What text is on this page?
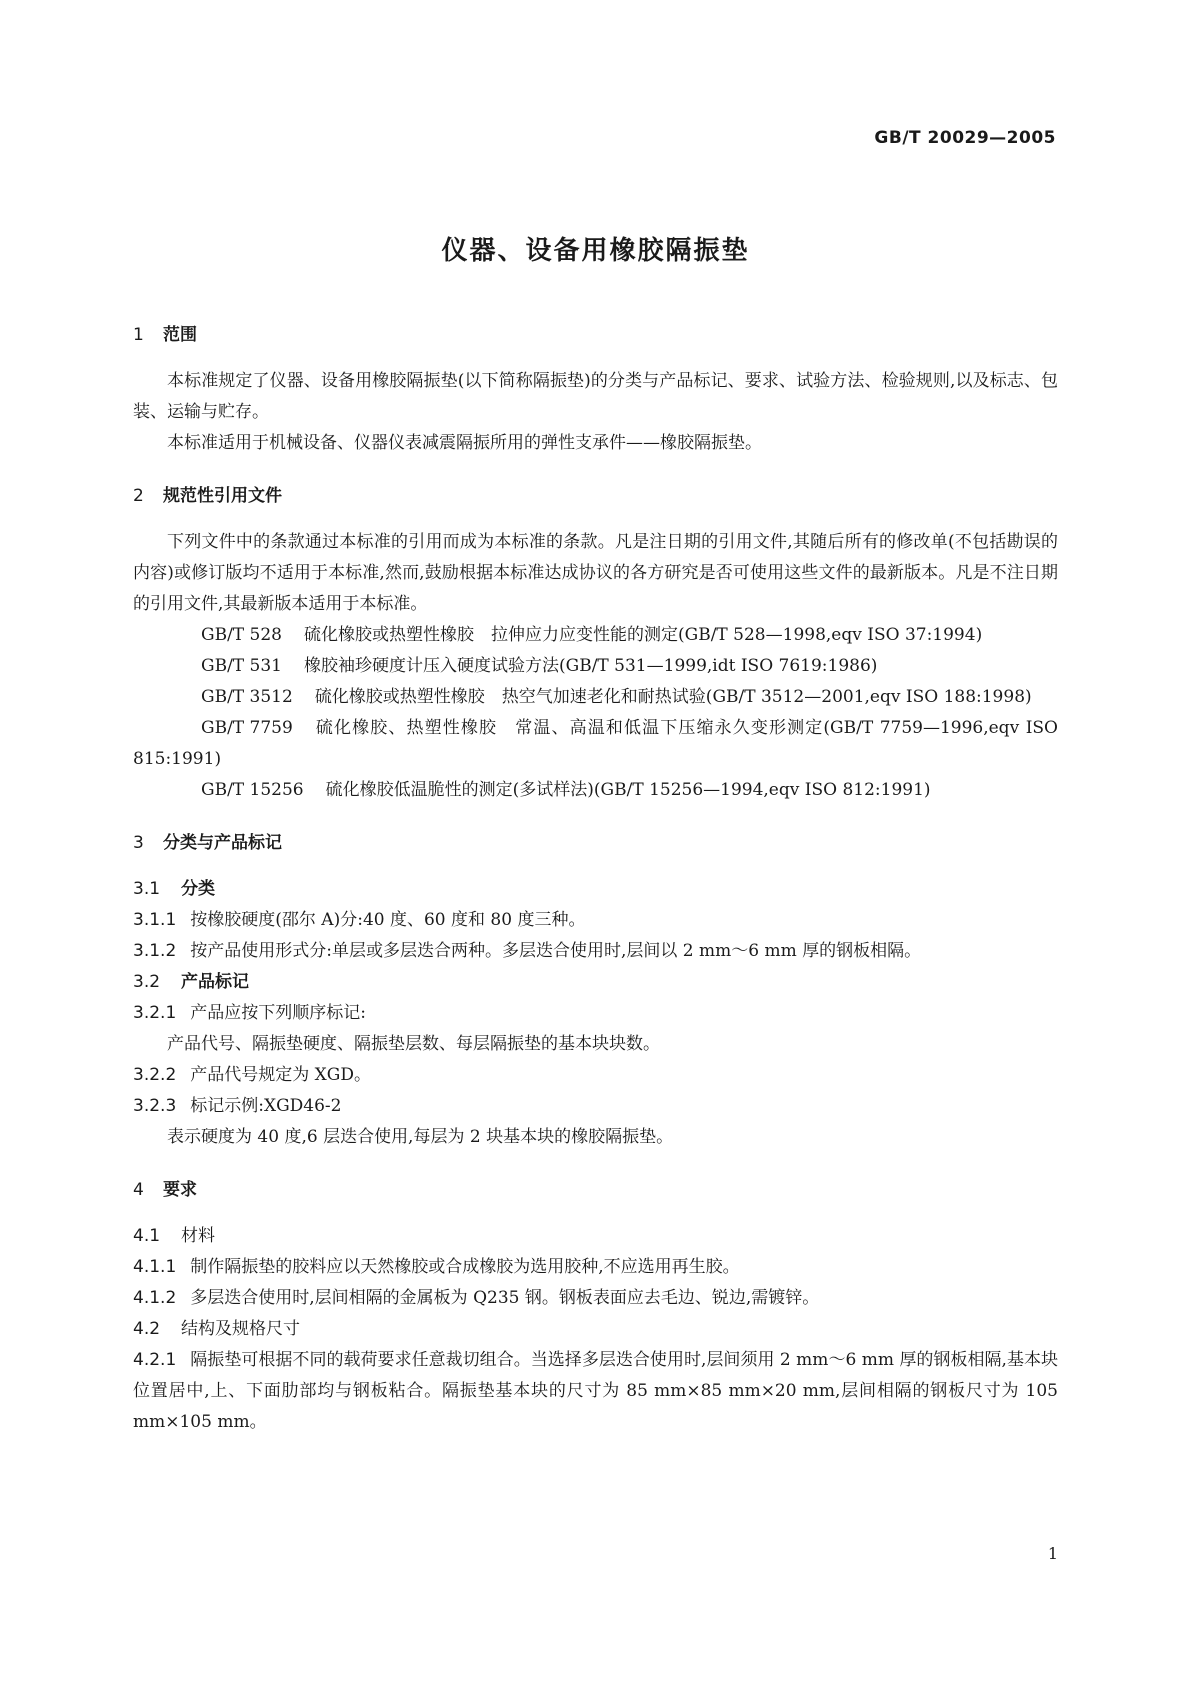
GB/T 20029—2005
仪器、设备用橡胶隔振垫
1 范围

本标准规定了仪器、设备用橡胶隔振垫(以下简称隔振垫)的分类与产品标记、要求、试验方法、检验规则,以及标志、包装、运输与贮存。

本标准适用于机械设备、仪器仪表减震隔振所用的弹性支承件——橡胶隔振垫。

2 规范性引用文件

下列文件中的条款通过本标准的引用而成为本标准的条款。凡是注日期的引用文件,其随后所有的修改单(不包括勘误的内容)或修订版均不适用于本标准,然而,鼓励根据本标准达成协议的各方研究是否可使用这些文件的最新版本。凡是不注日期的引用文件,其最新版本适用于本标准。

GB/T 528 硫化橡胶或热塑性橡胶　拉伸应力应变性能的测定(GB/T 528—1998,eqv ISO 37:1994)

GB/T 531 橡胶袖珍硬度计压入硬度试验方法(GB/T 531—1999,idt ISO 7619:1986)

GB/T 3512 硫化橡胶或热塑性橡胶　热空气加速老化和耐热试验(GB/T 3512—2001,eqv ISO 188:1998)

GB/T 7759 硫化橡胶、热塑性橡胶　常温、高温和低温下压缩永久变形测定(GB/T 7759—1996,eqv ISO 815:1991)

GB/T 15256 硫化橡胶低温脆性的测定(多试样法)(GB/T 15256—1994,eqv ISO 812:1991)

3 分类与产品标记
3.1 分类

3.1.1 按橡胶硬度(邵尔 A)分:40 度、60 度和 80 度三种。

3.1.2 按产品使用形式分:单层或多层迭合两种。多层迭合使用时,层间以 2 mm～6 mm 厚的钢板相隔。

3.2 产品标记

3.2.1 产品应按下列顺序标记:

产品代号、隔振垫硬度、隔振垫层数、每层隔振垫的基本块块数。

3.2.2 产品代号规定为 XGD。

3.2.3 标记示例:XGD46-2

表示硬度为 40 度,6 层迭合使用,每层为 2 块基本块的橡胶隔振垫。

4 要求
4.1 材料

4.1.1 制作隔振垫的胶料应以天然橡胶或合成橡胶为选用胶种,不应选用再生胶。

4.1.2 多层迭合使用时,层间相隔的金属板为 Q235 钢。钢板表面应去毛边、锐边,需镀锌。

4.2 结构及规格尺寸

4.2.1 隔振垫可根据不同的载荷要求任意裁切组合。当选择多层迭合使用时,层间须用 2 mm～6 mm 厚的钢板相隔,基本块位置居中,上、下面肋部均与钢板粘合。隔振垫基本块的尺寸为 85 mm×85 mm×20 mm,层间相隔的钢板尺寸为 105 mm×105 mm。

1
